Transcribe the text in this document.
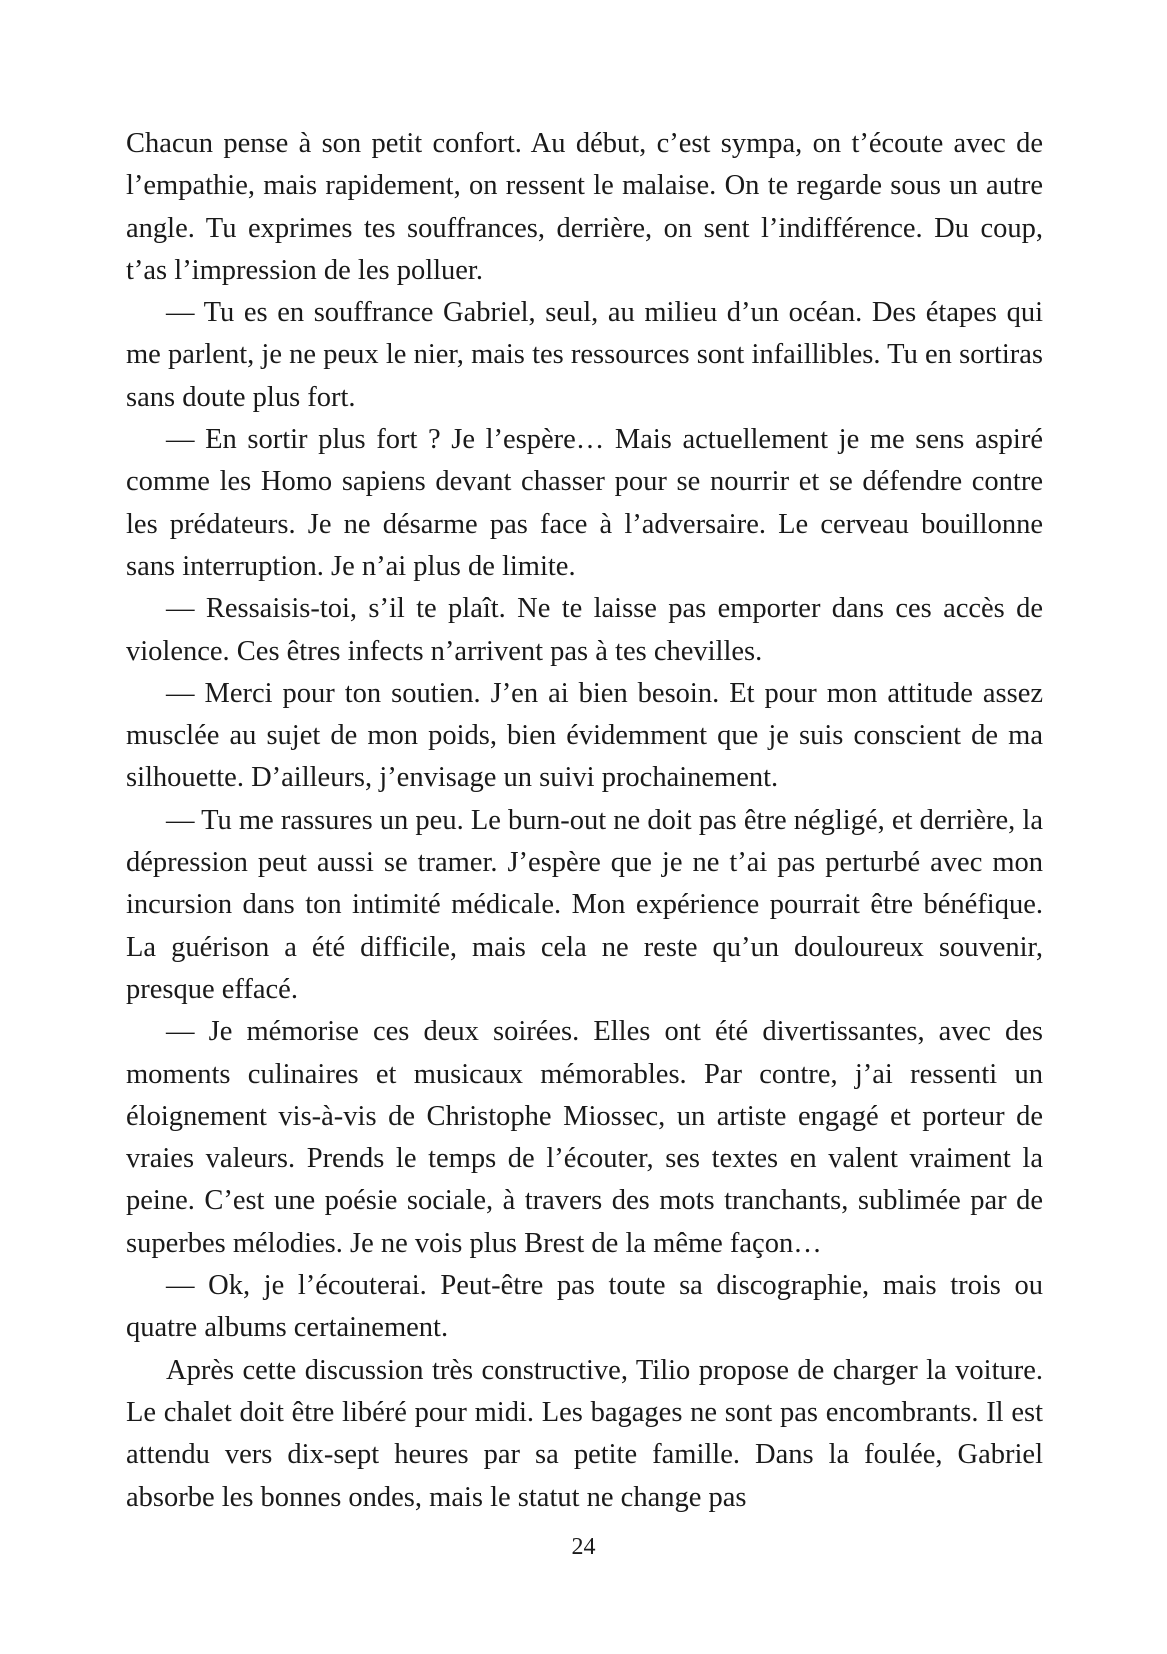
Chacun pense à son petit confort. Au début, c’est sympa, on t’écoute avec de l’empathie, mais rapidement, on ressent le malaise. On te regarde sous un autre angle. Tu exprimes tes souffrances, derrière, on sent l’indifférence. Du coup, t’as l’impression de les polluer.

— Tu es en souffrance Gabriel, seul, au milieu d’un océan. Des étapes qui me parlent, je ne peux le nier, mais tes ressources sont infaillibles. Tu en sortiras sans doute plus fort.

— En sortir plus fort ? Je l’espère… Mais actuellement je me sens aspiré comme les Homo sapiens devant chasser pour se nourrir et se défendre contre les prédateurs. Je ne désarme pas face à l’adversaire. Le cerveau bouillonne sans interruption. Je n’ai plus de limite.

— Ressaisis-toi, s’il te plaît. Ne te laisse pas emporter dans ces accès de violence. Ces êtres infects n’arrivent pas à tes chevilles.

— Merci pour ton soutien. J’en ai bien besoin. Et pour mon attitude assez musclée au sujet de mon poids, bien évidemment que je suis conscient de ma silhouette. D’ailleurs, j’envisage un suivi prochainement.

— Tu me rassures un peu. Le burn-out ne doit pas être négligé, et derrière, la dépression peut aussi se tramer. J’espère que je ne t’ai pas perturbé avec mon incursion dans ton intimité médicale. Mon expérience pourrait être bénéfique. La guérison a été difficile, mais cela ne reste qu’un douloureux souvenir, presque effacé.

— Je mémorise ces deux soirées. Elles ont été divertissantes, avec des moments culinaires et musicaux mémorables. Par contre, j’ai ressenti un éloignement vis-à-vis de Christophe Miossec, un artiste engagé et porteur de vraies valeurs. Prends le temps de l’écouter, ses textes en valent vraiment la peine. C’est une poésie sociale, à travers des mots tranchants, sublimée par de superbes mélodies. Je ne vois plus Brest de la même façon…

— Ok, je l’écouterai. Peut-être pas toute sa discographie, mais trois ou quatre albums certainement.

Après cette discussion très constructive, Tilio propose de charger la voiture. Le chalet doit être libéré pour midi. Les bagages ne sont pas encombrants. Il est attendu vers dix-sept heures par sa petite famille. Dans la foulée, Gabriel absorbe les bonnes ondes, mais le statut ne change pas

24
